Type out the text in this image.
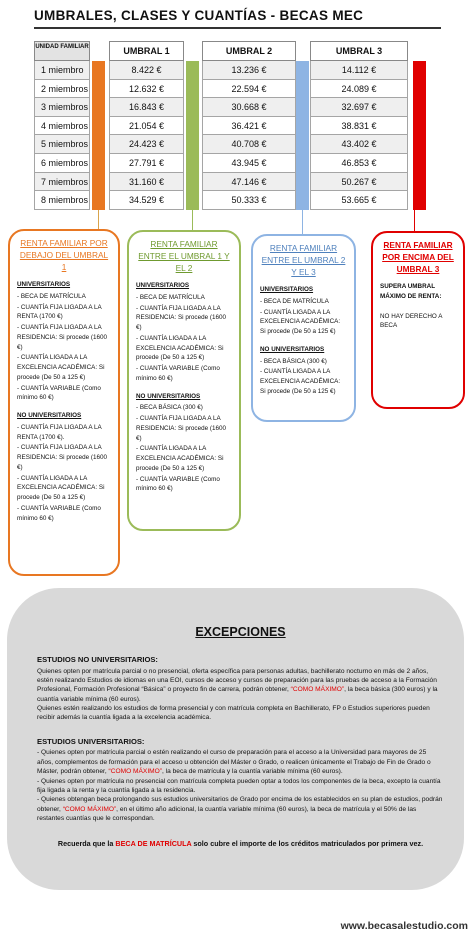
UMBRALES, CLASES Y CUANTÍAS - BECAS MEC
UNIDAD FAMILIAR
1 miembro
2 miembros
3 miembros
4 miembros
5 miembros
6 miembros
7 miembros
8 miembros
UMBRAL 1
8.422 €
12.632 €
16.843 €
21.054 €
24.423 €
27.791 €
31.160 €
34.529 €
UMBRAL 2
13.236 €
22.594 €
30.668 €
36.421 €
40.708 €
43.945 €
47.146 €
50.333 €
UMBRAL 3
14.112 €
24.089 €
32.697 €
38.831 €
43.402 €
46.853 €
50.267 €
53.665 €
RENTA FAMILIAR POR DEBAJO DEL UMBRAL 1
UNIVERSITARIOS
- BECA DE MATRÍCULA
- CUANTÍA FIJA LIGADA A LA RENTA (1700 €)
- CUANTÍA FIJA LIGADA A LA RESIDENCIA: Si procede (1600 €)
- CUANTÍA LIGADA A LA EXCELENCIA ACADÉMICA: Si procede (De 50 a 125 €)
- CUANTÍA VARIABLE (Como mínimo 60 €)
NO UNIVERSITARIOS
- CUANTÍA FIJA LIGADA A LA RENTA (1700 €).
- CUANTÍA FIJA LIGADA A LA RESIDENCIA: Si procede (1600 €)
- CUANTÍA LIGADA A LA EXCELENCIA ACADÉMICA: Si procede (De 50 a 125 €)
- CUANTÍA VARIABLE (Como mínimo 60 €)
RENTA FAMILIAR ENTRE EL UMBRAL 1 Y EL 2
UNIVERSITARIOS
- BECA DE MATRÍCULA
- CUANTÍA FIJA LIGADA A LA RESIDENCIA: Si procede (1600 €)
- CUANTÍA LIGADA A LA EXCELENCIA ACADÉMICA: Si procede (De 50 a 125 €)
- CUANTÍA VARIABLE (Como mínimo 60 €)
NO UNIVERSITARIOS
- BECA BÁSICA (300 €)
- CUANTÍA FIJA LIGADA A LA RESIDENCIA: Si procede (1600 €)
- CUANTÍA LIGADA A LA EXCELENCIA ACADÉMICA: Si procede (De 50 a 125 €)
- CUANTÍA VARIABLE (Como mínimo 60 €)
RENTA FAMILIAR ENTRE EL UMBRAL 2 Y EL 3
UNIVERSITARIOS
- BECA DE MATRÍCULA
- CUANTÍA LIGADA A LA EXCELENCIA ACADÉMICA: Si procede (De 50 a 125 €)
NO UNIVERSITARIOS
- BECA BÁSICA (300 €)
- CUANTÍA LIGADA A LA EXCELENCIA ACADÉMICA: Si procede (De 50 a 125 €)
RENTA FAMILIAR POR ENCIMA DEL UMBRAL 3
SUPERA UMBRAL MÁXIMO DE RENTA:
NO HAY DERECHO A BECA
EXCEPCIONES
ESTUDIOS NO UNIVERSITARIOS:

Quienes opten por matrícula parcial o no presencial, oferta específica para personas adultas, bachillerato nocturno en más de 2 años, estén realizando Estudios de idiomas en una EOI, cursos de acceso y cursos de preparación para las pruebas de acceso a la Formación Profesional, Formación Profesional “Básica” o proyecto fin de carrera, podrán obtener, “COMO MÁXIMO”, la beca básica (300 euros) y la cuantía variable mínima (60 euros).

Quienes estén realizando los estudios de forma presencial y con matrícula completa en Bachillerato, FP o Estudios superiores pueden recibir además la cuantía ligada a la excelencia académica.

ESTUDIOS UNIVERSITARIOS:

- Quienes opten por matrícula parcial o estén realizando el curso de preparación para el acceso a la Universidad para mayores de 25 años, complementos de formación para el acceso u obtención del Máster o Grado, o realicen únicamente el Trabajo de Fin de Grado o Máster, podrán obtener, “COMO MÁXIMO”, la beca de matrícula y la cuantía variable mínima (60 euros).

- Quienes opten por matrícula no presencial con matrícula completa pueden optar a todos los componentes de la beca, excepto la cuantía fija ligada a la renta y la cuantía ligada a la residencia.

- Quienes obtengan beca prolongando sus estudios universitarios de Grado por encima de los establecidos en su plan de estudios, podrán obtener, “COMO MÁXIMO”, en el último año adicional, la cuantía variable mínima (60 euros), la beca de matrícula y el 50% de las restantes cuantías que le correspondan.

Recuerda que la BECA DE MATRÍCULA solo cubre el importe de los créditos matriculados por primera vez.
www.becasalestudio.com
